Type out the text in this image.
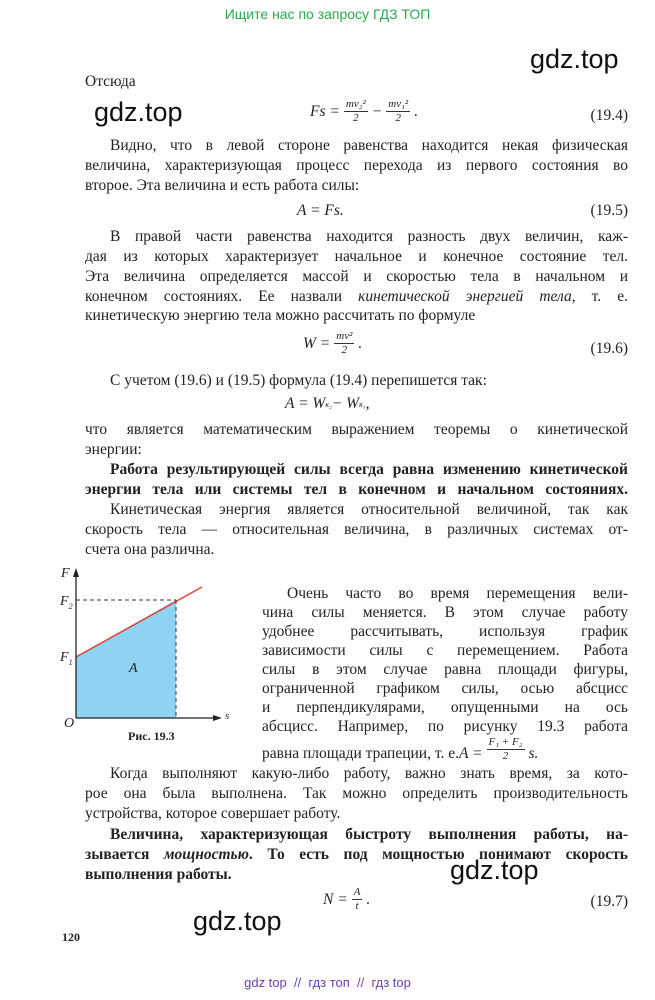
Ищите нас по запросу ГДЗ ТОП
gdz.top
gdz.top
gdz.top
gdz.top
Отсюда
$Fs = \frac{\text{mv₂²}}{2} - \frac{\text{mv₁²}}{2}$ .	(19.4)
Видно, что в левой стороне равенства находится некая физическая
величина, характеризующая процесс перехода из первого состояния во
второе. Эта величина и есть работа силы:
A = Fs.	(19.5)
В правой части равенства находится разность двух величин, каж-
дая из которых характеризует начальное и конечное состояние тел.
Эта величина определяется массой и скоростью тела в начальном и
конечном состояниях. Ее назвали кинетической энергией тела, т. е.
кинетическую энергию тела можно рассчитать по формуле
$W = \frac{\text{mv²}}{2}$ .	(19.6)
С учетом (19.6) и (19.5) формула (19.4) перепишется так:
A = W к₂ − W к₁ ,
что является математическим выражением теоремы о кинетической
энергии:
Работа результирующей силы всегда равна изменению кинетической
энергии тела или системы тел в конечном и начальном состояниях.
Кинетическая энергия является относительной величиной, так как
скорость тела — относительная величина, в различных системах от-
счета она различна.
F
$F_2$
$F_1$
O	s
A
Рис. 19.3
Очень часто во время перемещения вели-
чина силы меняется. В этом случае работу
удобнее рассчитывать, используя график
зависимости силы с перемещением. Работа
силы в этом случае равна площади фигуры,
ограниченной графиком силы, осью абсцисс
и перпендикулярами, опущенными на ось
абсцисс. Например, по рисунку 19.3 работа
равна площади трапеции, т. е. $A = \frac{\text{F₁ + F₂}}{2} s$.
Когда выполняют какую-либо работу, важно знать время, за кото-
рое она была выполнена. Так можно определить производительность
устройства, которое совершает работу.
Величина, характеризующая быстроту выполнения работы, на-
зывается мощностью. То есть под мощностью понимают скорость
выполнения работы.
$N = \frac{A}{t}$ .	(19.7)
120
gdz top  //  гдз топ  //  гдз top
